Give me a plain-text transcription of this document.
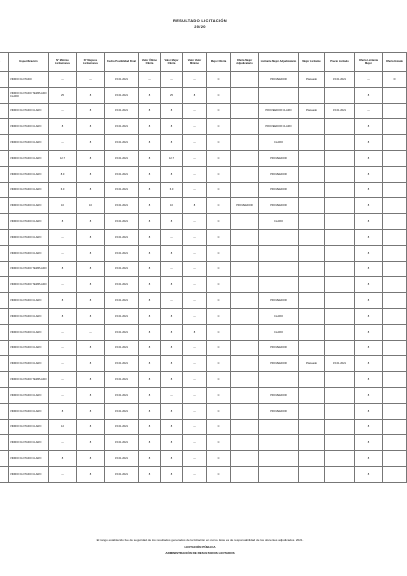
RESULTADO LICITACIÓN
20/20
	Especificación	N° Mínimo Licitaciones	N° Mejores Licitaciones	Fecha Posibilidad Final	Valor Último Oferta	Valor Mejor Oferta	Valor Valor Mínimo	Mejor Oferta	Oferta Mejor Adjudicatario	Licitante Mejor Adjudicatario	Mejor Licitante	Precio Licitado	Oferta Licitante Mejor	Oferta Estado
	VIDRIO FLOTADO	—	—	15.01.2021	—	—	—	C		PROVEEDOR	Planeado	15.01.2021	—	D
	VIDRIO FLOTADO TEMPLADO CLARO	25	8	15.01.2021	8	25	8	C					8	
	VIDRIO FLOTADO CLARO	—	8	15.01.2021	8	8	—	C		PROVEEDOR CLARO	Planeado	15.01.2021	—	
	VIDRIO FLOTADO CLARO	8	8	15.01.2021	8	8	—	C		PROVEEDOR CLARO			8	
	VIDRIO FLOTADO CLARO	—	8	15.01.2021	8	8	—	C		CLARO			8	
	VIDRIO FLOTADO CLARO	12.7	8	15.01.2021	8	12.7	—	C		PROVEEDOR			8	
	VIDRIO FLOTADO CLARO	8.0	8	15.01.2021	8	8	—	C		PROVEEDOR			8	
	VIDRIO FLOTADO CLARO	6.0	8	15.01.2021	8	6.0	—	C		PROVEEDOR			8	
	VIDRIO FLOTADO CLARO	10	10	15.01.2021	8	10	8	C	PROVEEDOR	PROVEEDOR			8	
	VIDRIO FLOTADO CLARO	8	8	15.01.2021	8	8	—	C		CLARO			8	
	VIDRIO FLOTADO CLARO	—	8	15.01.2021	8	—	—	C					8	
	VIDRIO FLOTADO CLARO	—	8	15.01.2021	8	8	—	C					8	
	VIDRIO FLOTADO TEMPLADO	8	8	15.01.2021	8	—	—	C					8	
	VIDRIO FLOTADO TEMPLADO	—	8	15.01.2021	8	8	—	C					8	
	VIDRIO FLOTADO CLARO	8	8	15.01.2021	8	—	—	C		PROVEEDOR			8	
	VIDRIO FLOTADO CLARO	8	8	15.01.2021	8	8	—	C		CLARO			8	
	VIDRIO FLOTADO CLARO	—	—	15.01.2021	8	8	8	C		CLARO			8	
	VIDRIO FLOTADO CLARO	—	8	15.01.2021	8	8	—	C		PROVEEDOR			8	
	VIDRIO FLOTADO CLARO	—	8	15.01.2021	8	8	—	C		PROVEEDOR	Planeado	15.01.2021	8	
	VIDRIO FLOTADO TEMPLADO	—	8	15.01.2021	8	8	—	C					8	
	VIDRIO FLOTADO CLARO	—	8	15.01.2021	8	—	—	C		PROVEEDOR			8	
	VIDRIO FLOTADO CLARO	8	8	15.01.2021	8	8	—	C		PROVEEDOR			8	
	VIDRIO FLOTADO CLARO	12	8	15.01.2021	8	8	—	C					8	
	VIDRIO FLOTADO CLARO	—	8	15.01.2021	8	8	—	C					8	
	VIDRIO FLOTADO CLARO	8	8	15.01.2021	8	8	—	C					8	
	VIDRIO FLOTADO CLARO	—	8	15.01.2021	8	8	—	C					8	
El rango establecido fue de seguridad de los resultados generados de la licitación en curso. Este es de responsabilidad de los oferentes adjudicados. 2021.
LICITACIÓN PÚBLICA
ADMINISTRACIÓN DE RESULTADOS LICITADOS
